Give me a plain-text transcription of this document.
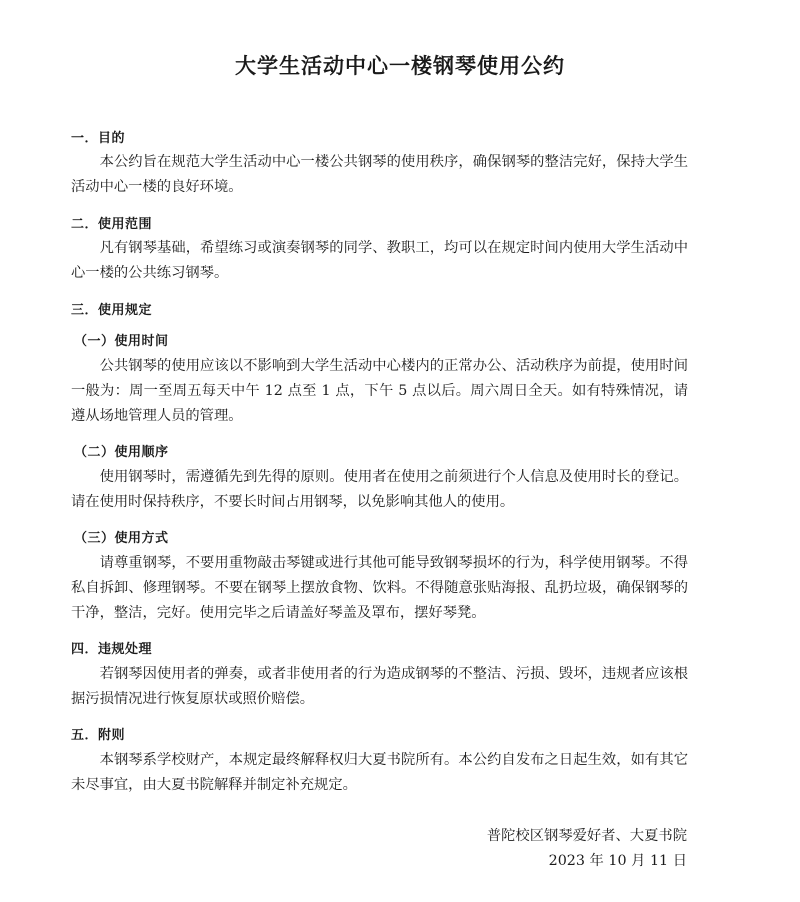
大学生活动中心一楼钢琴使用公约
一．目的
本公约旨在规范大学生活动中心一楼公共钢琴的使用秩序，确保钢琴的整洁完好，保持大学生活动中心一楼的良好环境。
二．使用范围
凡有钢琴基础，希望练习或演奏钢琴的同学、教职工，均可以在规定时间内使用大学生活动中心一楼的公共练习钢琴。
三．使用规定
（一）使用时间
公共钢琴的使用应该以不影响到大学生活动中心楼内的正常办公、活动秩序为前提，使用时间一般为：周一至周五每天中午 12 点至 1 点，下午 5 点以后。周六周日全天。如有特殊情况，请遵从场地管理人员的管理。
（二）使用顺序
使用钢琴时，需遵循先到先得的原则。使用者在使用之前须进行个人信息及使用时长的登记。请在使用时保持秩序，不要长时间占用钢琴，以免影响其他人的使用。
（三）使用方式
请尊重钢琴，不要用重物敲击琴键或进行其他可能导致钢琴损坏的行为，科学使用钢琴。不得私自拆卸、修理钢琴。不要在钢琴上摆放食物、饮料。不得随意张贴海报、乱扔垃圾，确保钢琴的干净，整洁，完好。使用完毕之后请盖好琴盖及罩布，摆好琴凳。
四．违规处理
若钢琴因使用者的弹奏，或者非使用者的行为造成钢琴的不整洁、污损、毁坏，违规者应该根据污损情况进行恢复原状或照价赔偿。
五．附则
本钢琴系学校财产，本规定最终解释权归大夏书院所有。本公约自发布之日起生效，如有其它未尽事宜，由大夏书院解释并制定补充规定。
普陀校区钢琴爱好者、大夏书院
2023 年 10 月 11 日
